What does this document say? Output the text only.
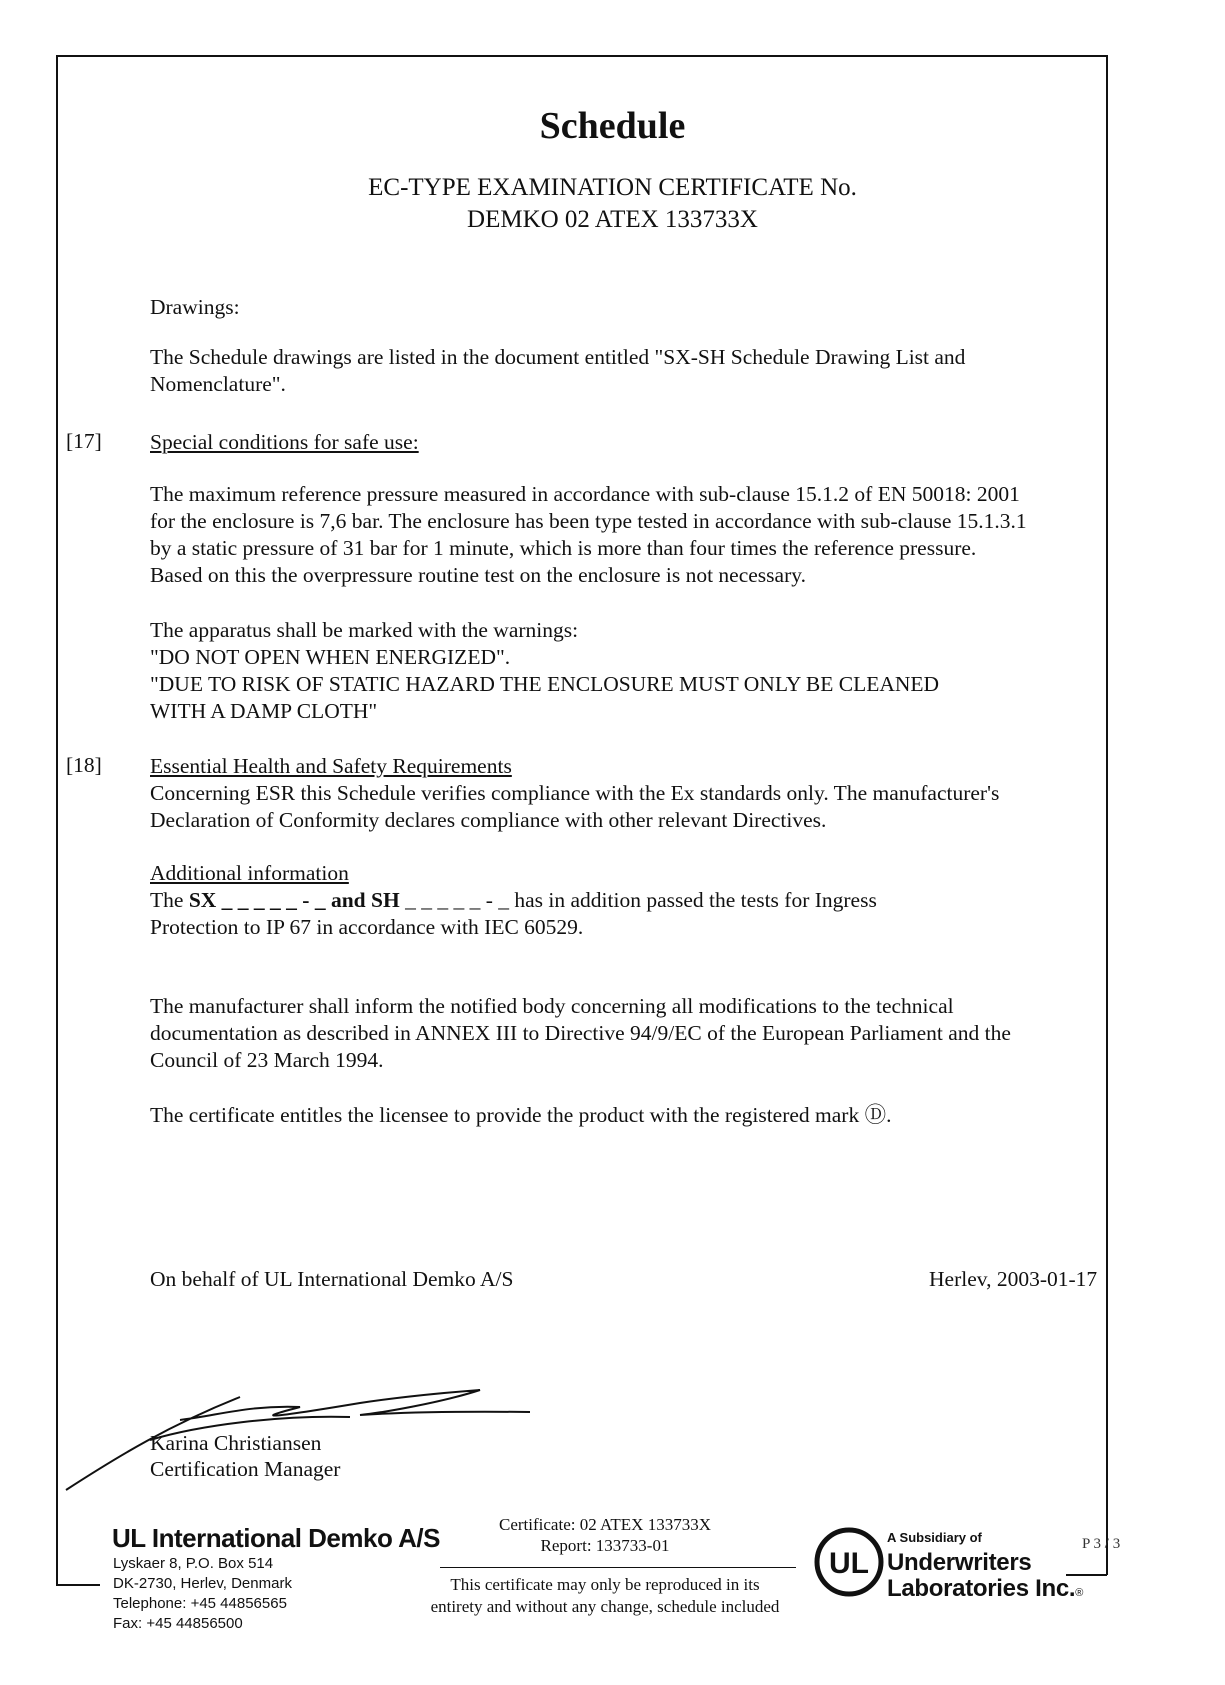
Schedule
EC-TYPE EXAMINATION CERTIFICATE No.
DEMKO 02 ATEX 133733X
Drawings:
The Schedule drawings are listed in the document entitled "SX-SH Schedule Drawing List and
Nomenclature".
[17] Special conditions for safe use:
The maximum reference pressure measured in accordance with sub-clause 15.1.2 of EN 50018: 2001
for the enclosure is 7,6 bar. The enclosure has been type tested in accordance with sub-clause 15.1.3.1
by a static pressure of 31 bar for 1 minute, which is more than four times the reference pressure.
Based on this the overpressure routine test on the enclosure is not necessary.
The apparatus shall be marked with the warnings:
"DO NOT OPEN WHEN ENERGIZED".
"DUE TO RISK OF STATIC HAZARD THE ENCLOSURE MUST ONLY BE CLEANED
WITH A DAMP CLOTH"
[18] Essential Health and Safety Requirements
Concerning ESR this Schedule verifies compliance with the Ex standards only. The manufacturer's
Declaration of Conformity declares compliance with other relevant Directives.
Additional information
The SX _ _ _ _ _ - _ and SH _ _ _ _ _ - _ has in addition passed the tests for Ingress
Protection to IP 67 in accordance with IEC 60529.
The manufacturer shall inform the notified body concerning all modifications to the technical
documentation as described in ANNEX III to Directive 94/9/EC of the European Parliament and the
Council of 23 March 1994.
The certificate entitles the licensee to provide the product with the registered mark Ⓓ.
On behalf of UL International Demko A/S	Herlev, 2003-01-17
Karina Christiansen
Certification Manager
UL International Demko A/S
Lyskaer 8, P.O. Box 514
DK-2730, Herlev, Denmark
Telephone: +45 44856565
Fax: +45 44856500
Certificate: 02 ATEX 133733X
Report: 133733-01
This certificate may only be reproduced in its
entirety and without any change, schedule included
UL
A Subsidiary of
Underwriters
Laboratories Inc.®
P 3 / 3
